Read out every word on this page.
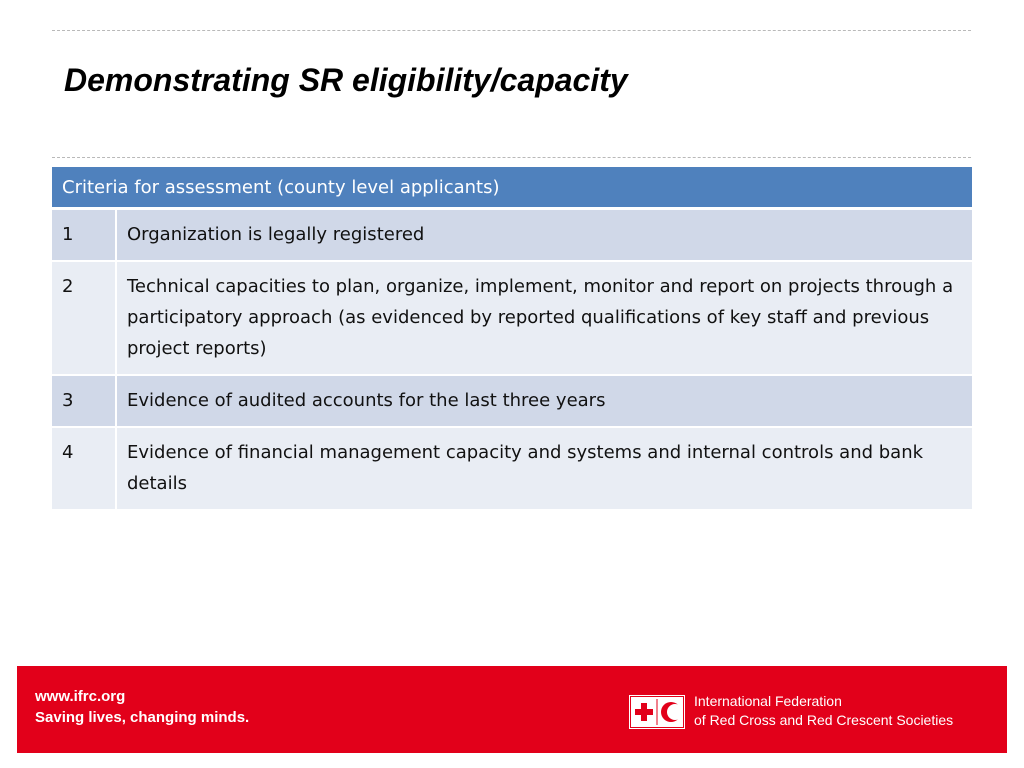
Demonstrating SR eligibility/capacity
Criteria for assessment (county level applicants)	
1	Organization is legally registered
2	Technical capacities to plan, organize, implement, monitor and report on projects through a participatory approach (as evidenced by reported qualifications of key staff and previous project reports)
3	Evidence of audited accounts for the last three years
4	Evidence of financial management capacity and systems and internal controls and bank details
www.ifrc.org
Saving lives, changing minds.
International Federation
of Red Cross and Red Crescent Societies
